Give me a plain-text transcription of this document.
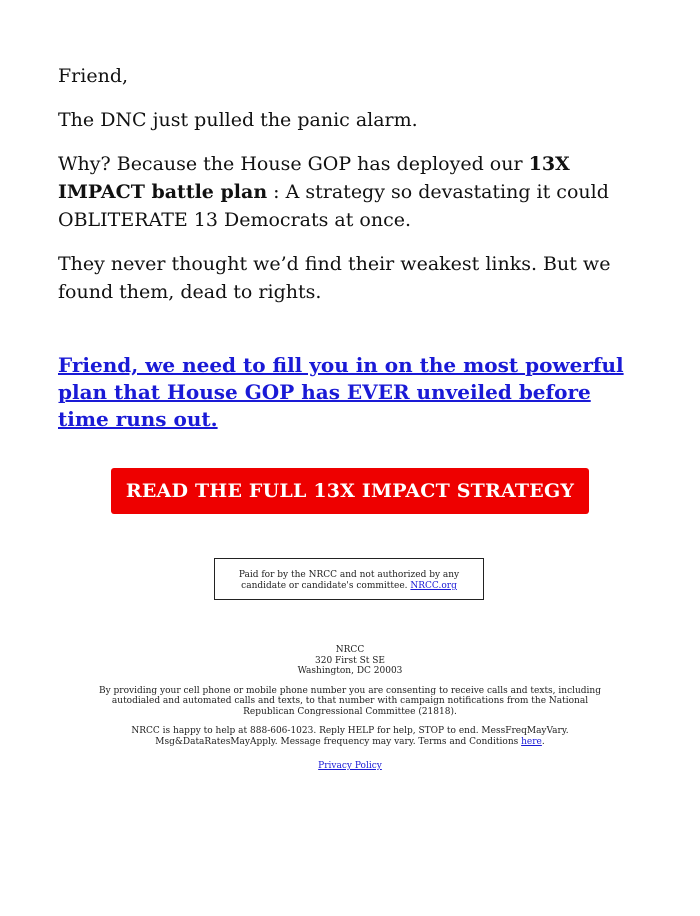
Friend,

The DNC just pulled the panic alarm.

Why? Because the House GOP has deployed our 13X IMPACT battle plan : A strategy so devastating it could OBLITERATE 13 Democrats at once.

They never thought we’d find their weakest links. But we found them, dead to rights.

Friend, we need to fill you in on the most powerful plan that House GOP has EVER unveiled before time runs out.
READ THE FULL 13X IMPACT STRATEGY
Paid for by the NRCC and not authorized by any candidate or candidate's committee. NRCC.org
NRCC
320 First St SE
Washington, DC 20003
By providing your cell phone or mobile phone number you are consenting to receive calls and texts, including autodialed and automated calls and texts, to that number with campaign notifications from the National Republican Congressional Committee (21818).
NRCC is happy to help at 888-606-1023. Reply HELP for help, STOP to end. MessFreqMayVary. Msg&DataRatesMayApply. Message frequency may vary. Terms and Conditions here.
Privacy Policy
